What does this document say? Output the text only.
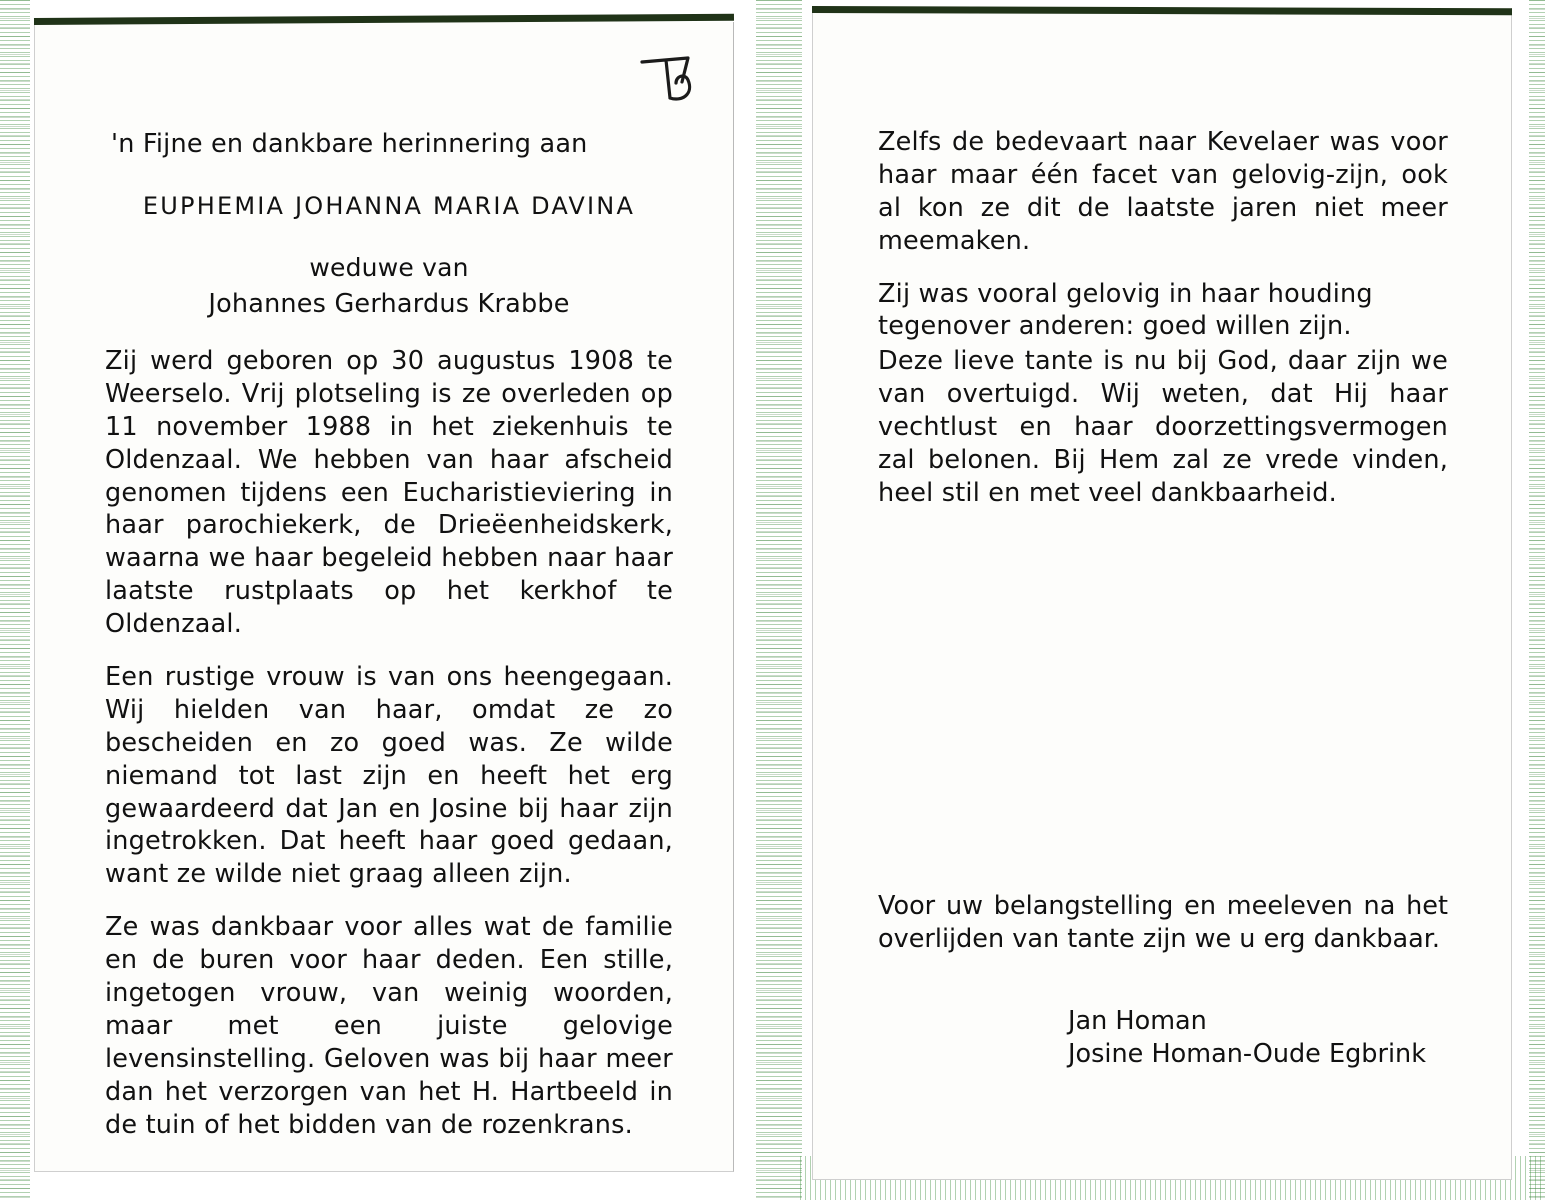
'n Fijne en dankbare herinnering aan

EUPHEMIA JOHANNA MARIA DAVINA

weduwe van

Johannes Gerhardus Krabbe

Zij werd geboren op 30 augustus 1908 te Weerselo. Vrij plotseling is ze overleden op 11 november 1988 in het ziekenhuis te Oldenzaal. We hebben van haar afscheid genomen tijdens een Eucharistieviering in haar parochiekerk, de Drieëenheidskerk, waarna we haar begeleid hebben naar haar laatste rustplaats op het kerkhof te Oldenzaal.

Een rustige vrouw is van ons heengegaan. Wij hielden van haar, omdat ze zo bescheiden en zo goed was. Ze wilde niemand tot last zijn en heeft het erg gewaardeerd dat Jan en Josine bij haar zijn ingetrokken. Dat heeft haar goed gedaan, want ze wilde niet graag alleen zijn.

Ze was dankbaar voor alles wat de familie en de buren voor haar deden. Een stille, ingetogen vrouw, van weinig woorden, maar met een juiste gelovige levensinstelling. Geloven was bij haar meer dan het verzorgen van het H. Hartbeeld in de tuin of het bidden van de rozenkrans.

Zelfs de bedevaart naar Kevelaer was voor haar maar één facet van gelovig-zijn, ook al kon ze dit de laatste jaren niet meer meemaken.

Zij was vooral gelovig in haar houding tegenover anderen: goed willen zijn.

Deze lieve tante is nu bij God, daar zijn we van overtuigd. Wij weten, dat Hij haar vechtlust en haar doorzettingsvermogen zal belonen. Bij Hem zal ze vrede vinden, heel stil en met veel dankbaarheid.

Voor uw belangstelling en meeleven na het overlijden van tante zijn we u erg dankbaar.
Jan Homan
Josine Homan-Oude Egbrink
